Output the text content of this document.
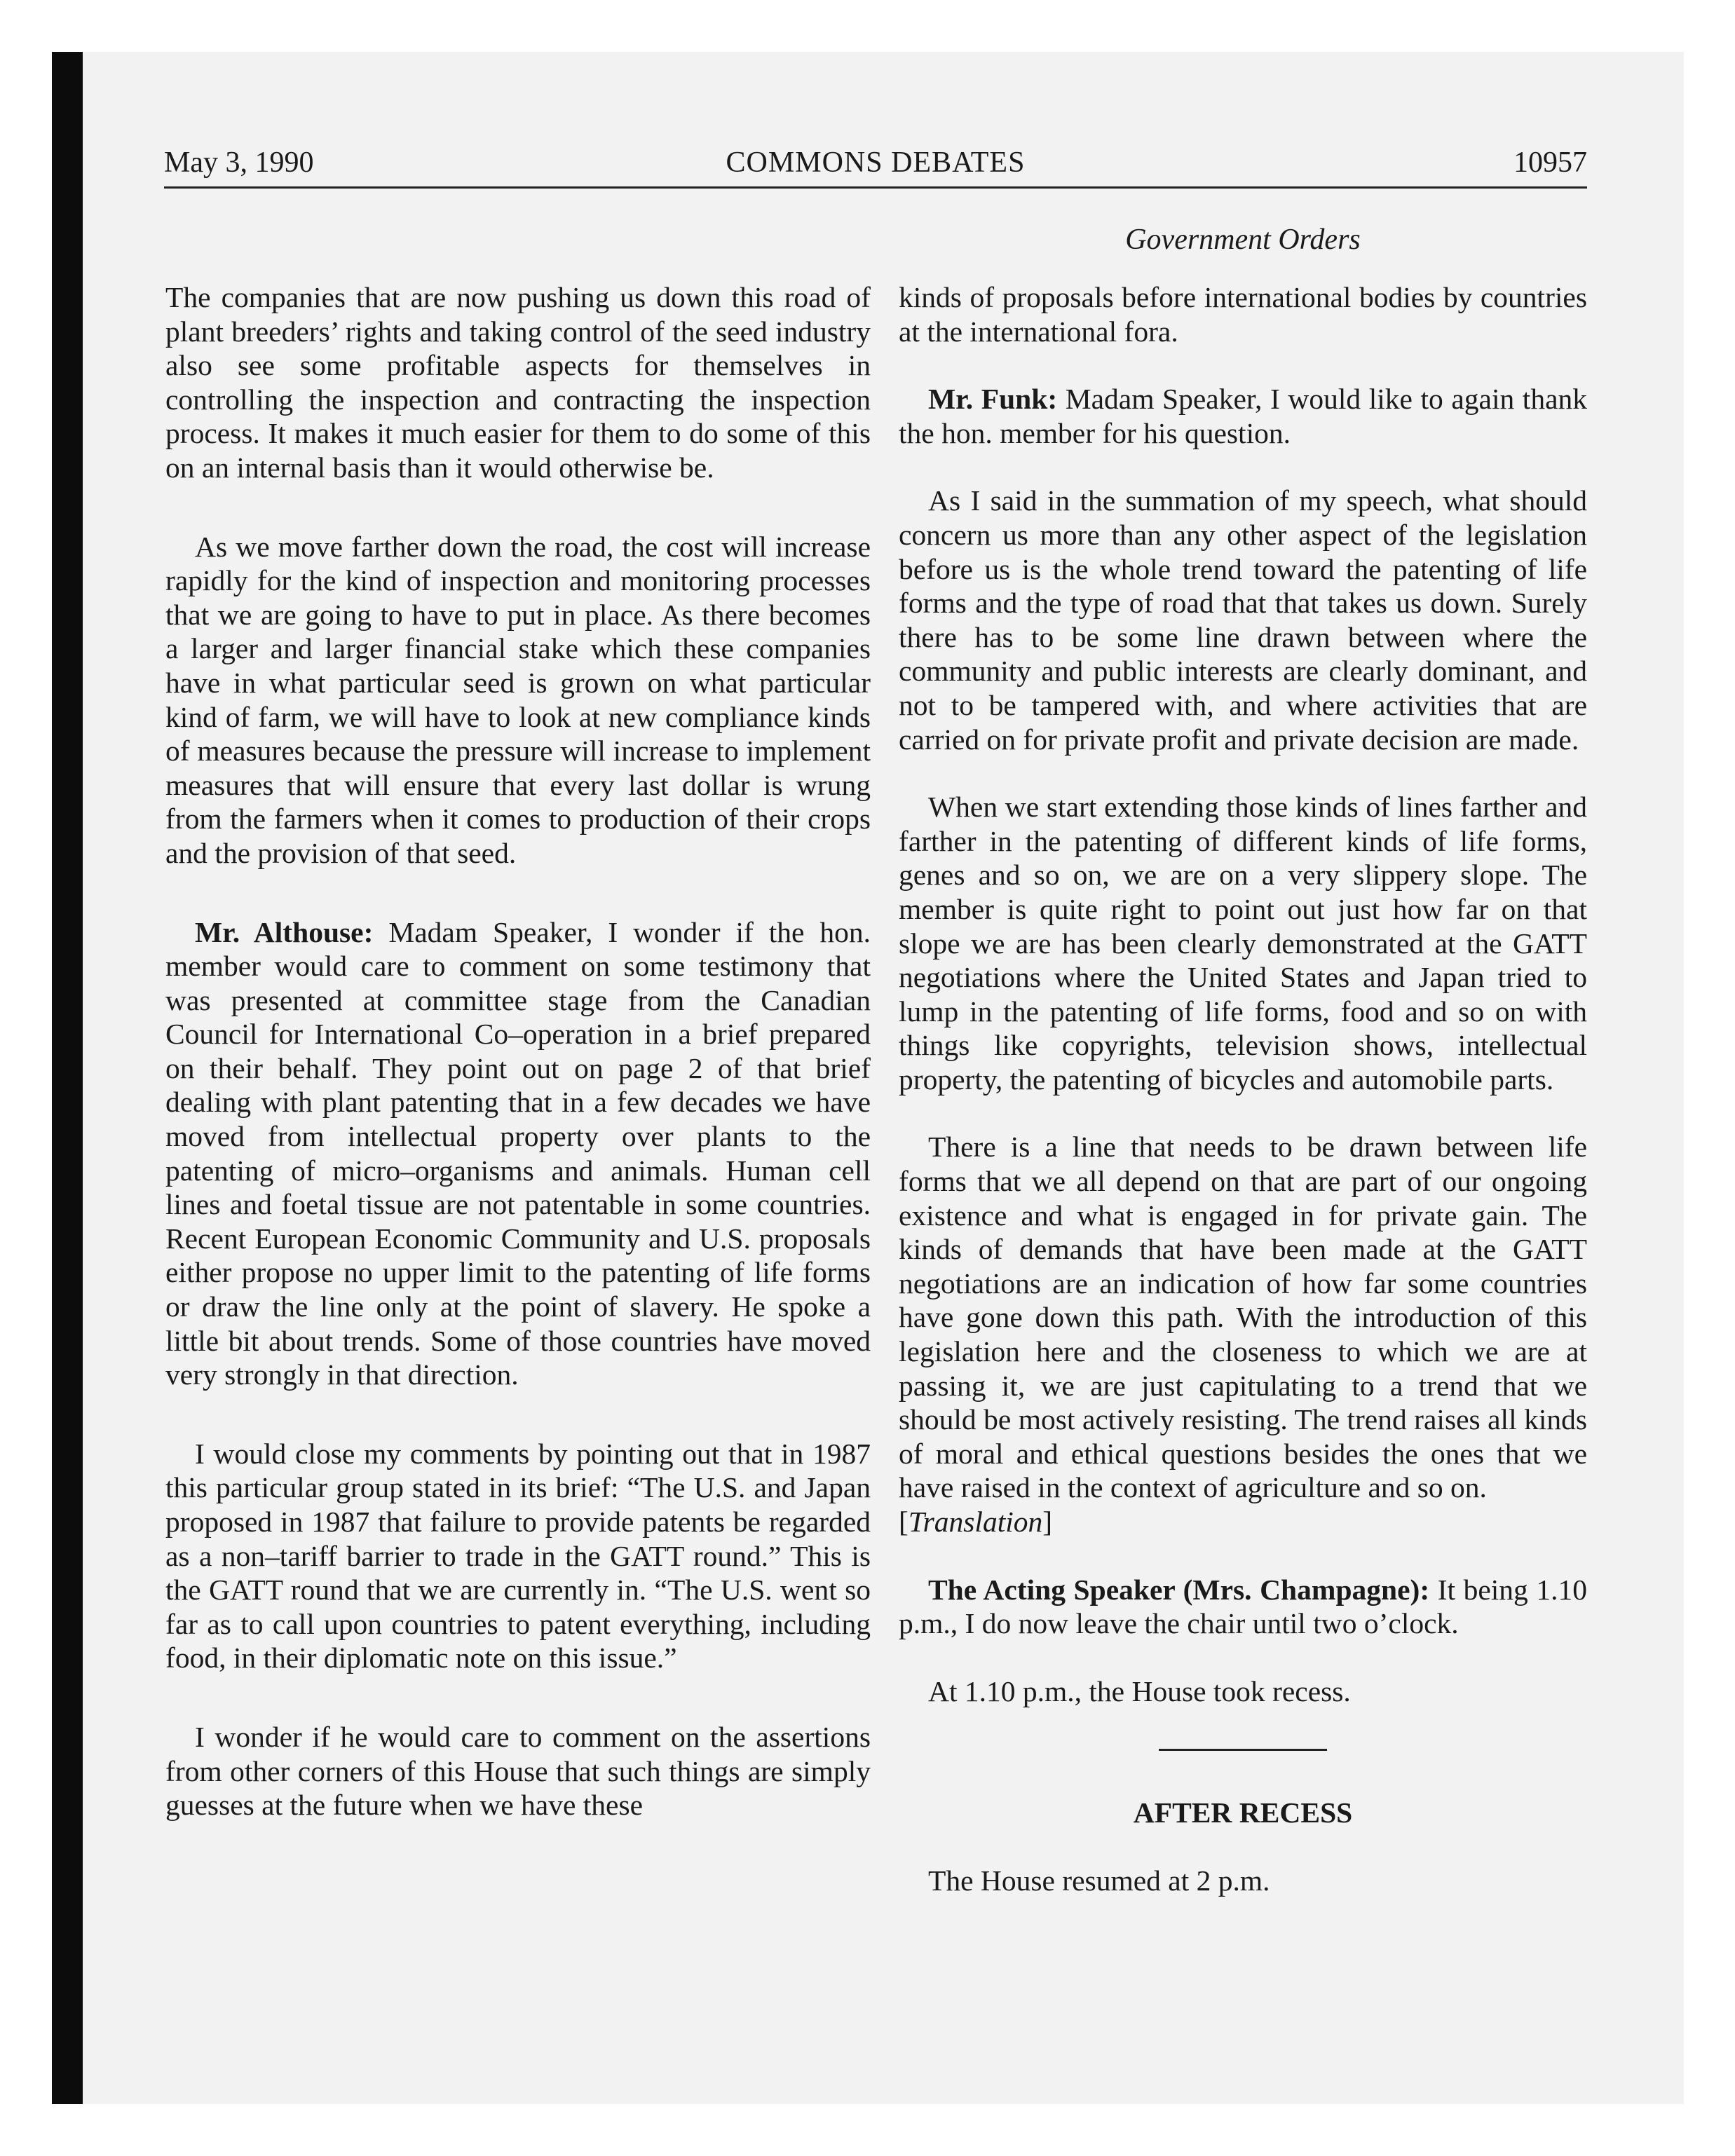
May 3, 1990	COMMONS DEBATES	10957
Government Orders

The companies that are now pushing us down this road of plant breeders’ rights and taking control of the seed industry also see some profitable aspects for themselves in controlling the inspection and contracting the inspection process. It makes it much easier for them to do some of this on an internal basis than it would otherwise be.

As we move farther down the road, the cost will increase rapidly for the kind of inspection and monitoring processes that we are going to have to put in place. As there becomes a larger and larger financial stake which these companies have in what particular seed is grown on what particular kind of farm, we will have to look at new compliance kinds of measures because the pressure will increase to implement measures that will ensure that every last dollar is wrung from the farmers when it comes to production of their crops and the provision of that seed.

Mr. Althouse: Madam Speaker, I wonder if the hon. member would care to comment on some testimony that was presented at committee stage from the Canadian Council for International Co–operation in a brief prepared on their behalf. They point out on page 2 of that brief dealing with plant patenting that in a few decades we have moved from intellectual property over plants to the patenting of micro–organisms and animals. Human cell lines and foetal tissue are not patentable in some countries. Recent European Economic Community and U.S. proposals either propose no upper limit to the patenting of life forms or draw the line only at the point of slavery. He spoke a little bit about trends. Some of those countries have moved very strongly in that direction.

I would close my comments by pointing out that in 1987 this particular group stated in its brief: “The U.S. and Japan proposed in 1987 that failure to provide patents be regarded as a non–tariff barrier to trade in the GATT round.” This is the GATT round that we are currently in. “The U.S. went so far as to call upon countries to patent everything, including food, in their diplomatic note on this issue.”

I wonder if he would care to comment on the assertions from other corners of this House that such things are simply guesses at the future when we have these

kinds of proposals before international bodies by countries at the international fora.

Mr. Funk: Madam Speaker, I would like to again thank the hon. member for his question.

As I said in the summation of my speech, what should concern us more than any other aspect of the legislation before us is the whole trend toward the patenting of life forms and the type of road that that takes us down. Surely there has to be some line drawn between where the community and public interests are clearly dominant, and not to be tampered with, and where activities that are carried on for private profit and private decision are made.

When we start extending those kinds of lines farther and farther in the patenting of different kinds of life forms, genes and so on, we are on a very slippery slope. The member is quite right to point out just how far on that slope we are has been clearly demonstrated at the GATT negotiations where the United States and Japan tried to lump in the patenting of life forms, food and so on with things like copyrights, television shows, intellectual property, the patenting of bicycles and automobile parts.

There is a line that needs to be drawn between life forms that we all depend on that are part of our ongoing existence and what is engaged in for private gain. The kinds of demands that have been made at the GATT negotiations are an indication of how far some countries have gone down this path. With the introduction of this legislation here and the closeness to which we are at passing it, we are just capitulating to a trend that we should be most actively resisting. The trend raises all kinds of moral and ethical questions besides the ones that we have raised in the context of agriculture and so on.

[Translation]

The Acting Speaker (Mrs. Champagne): It being 1.10 p.m., I do now leave the chair until two o’clock.

At 1.10 p.m., the House took recess.

AFTER RECESS

The House resumed at 2 p.m.
